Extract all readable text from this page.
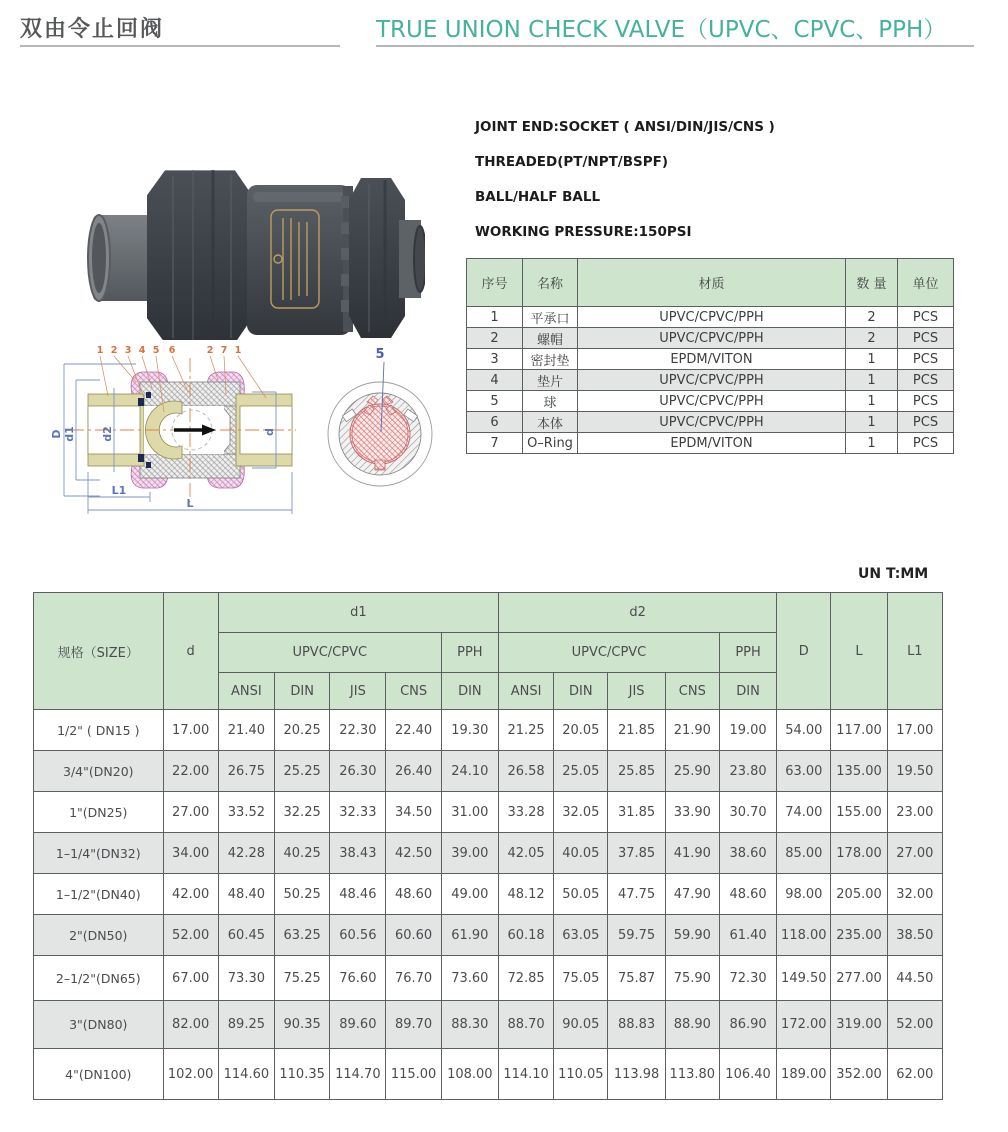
双由令止回阀	TRUE UNION CHECK VALVE（UPVC、CPVC、PPH）
JOINT END:SOCKET ( ANSI/DIN/JIS/CNS )
THREADED(PT/NPT/BSPF)
BALL/HALF BALL
WORKING PRESSURE:150PSI
序号	名称	材质	数 量	单位
1	平承口	UPVC/CPVC/PPH	2	PCS
2	螺帽	UPVC/CPVC/PPH	2	PCS
3	密封垫	EPDM/VITON	1	PCS
4	垫片	UPVC/CPVC/PPH	1	PCS
5	球	UPVC/CPVC/PPH	1	PCS
6	本体	UPVC/CPVC/PPH	1	PCS
7	O–Ring	EPDM/VITON	1	PCS
D d1 d2	d
L1
L
1 2 3 4 5 6	2 7 1	5
UN T:MM
规格（SIZE）	d	d1					d2					D	L	L1
		UPVC/CPVC				PPH	UPVC/CPVC				PPH			
		ANSI	DIN	JIS	CNS	DIN	ANSI	DIN	JIS	CNS	DIN			
1/2" ( DN15 )	17.00	21.40	20.25	22.30	22.40	19.30	21.25	20.05	21.85	21.90	19.00	54.00	117.00	17.00
3/4"(DN20)	22.00	26.75	25.25	26.30	26.40	24.10	26.58	25.05	25.85	25.90	23.80	63.00	135.00	19.50
1"(DN25)	27.00	33.52	32.25	32.33	34.50	31.00	33.28	32.05	31.85	33.90	30.70	74.00	155.00	23.00
1–1/4"(DN32)	34.00	42.28	40.25	38.43	42.50	39.00	42.05	40.05	37.85	41.90	38.60	85.00	178.00	27.00
1–1/2"(DN40)	42.00	48.40	50.25	48.46	48.60	49.00	48.12	50.05	47.75	47.90	48.60	98.00	205.00	32.00
2"(DN50)	52.00	60.45	63.25	60.56	60.60	61.90	60.18	63.05	59.75	59.90	61.40	118.00	235.00	38.50
2–1/2"(DN65)	67.00	73.30	75.25	76.60	76.70	73.60	72.85	75.05	75.87	75.90	72.30	149.50	277.00	44.50
3"(DN80)	82.00	89.25	90.35	89.60	89.70	88.30	88.70	90.05	88.83	88.90	86.90	172.00	319.00	52.00
4"(DN100)	102.00	114.60	110.35	114.70	115.00	108.00	114.10	110.05	113.98	113.80	106.40	189.00	352.00	62.00
